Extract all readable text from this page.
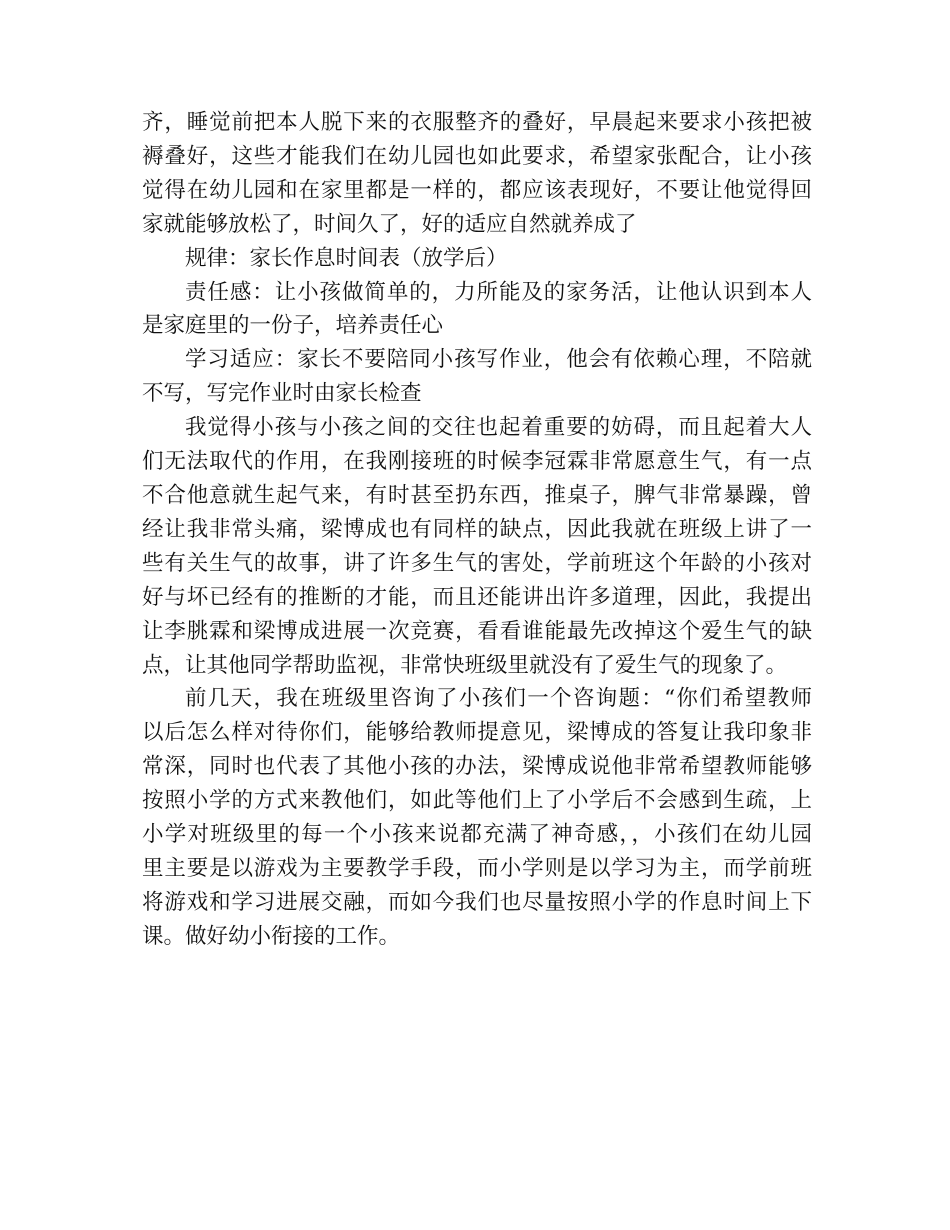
齐，睡觉前把本人脱下来的衣服整齐的叠好，早晨起来要求小孩把被
褥叠好，这些才能我们在幼儿园也如此要求，希望家张配合，让小孩
觉得在幼儿园和在家里都是一样的，都应该表现好，不要让他觉得回
家就能够放松了，时间久了，好的适应自然就养成了

规律：家长作息时间表（放学后）

责任感：让小孩做简单的，力所能及的家务活，让他认识到本人
是家庭里的一份子，培养责任心

学习适应：家长不要陪同小孩写作业，他会有依赖心理，不陪就
不写，写完作业时由家长检查

我觉得小孩与小孩之间的交往也起着重要的妨碍，而且起着大人
们无法取代的作用，在我刚接班的时候李冠霖非常愿意生气，有一点
不合他意就生起气来，有时甚至扔东西，推桌子，脾气非常暴躁，曾
经让我非常头痛，梁博成也有同样的缺点，因此我就在班级上讲了一
些有关生气的故事，讲了许多生气的害处，学前班这个年龄的小孩对
好与坏已经有的推断的才能，而且还能讲出许多道理，因此，我提出
让李朓霖和梁博成进展一次竞赛，看看谁能最先改掉这个爱生气的缺
点，让其他同学帮助监视，非常快班级里就没有了爱生气的现象了。

前几天，我在班级里咨询了小孩们一个咨询题：“你们希望教师
以后怎么样对待你们，能够给教师提意见，梁博成的答复让我印象非
常深，同时也代表了其他小孩的办法，梁博成说他非常希望教师能够
按照小学的方式来教他们，如此等他们上了小学后不会感到生疏，上
小学对班级里的每一个小孩来说都充满了神奇感，，小孩们在幼儿园
里主要是以游戏为主要教学手段，而小学则是以学习为主，而学前班
将游戏和学习进展交融，而如今我们也尽量按照小学的作息时间上下
课。做好幼小衔接的工作。
